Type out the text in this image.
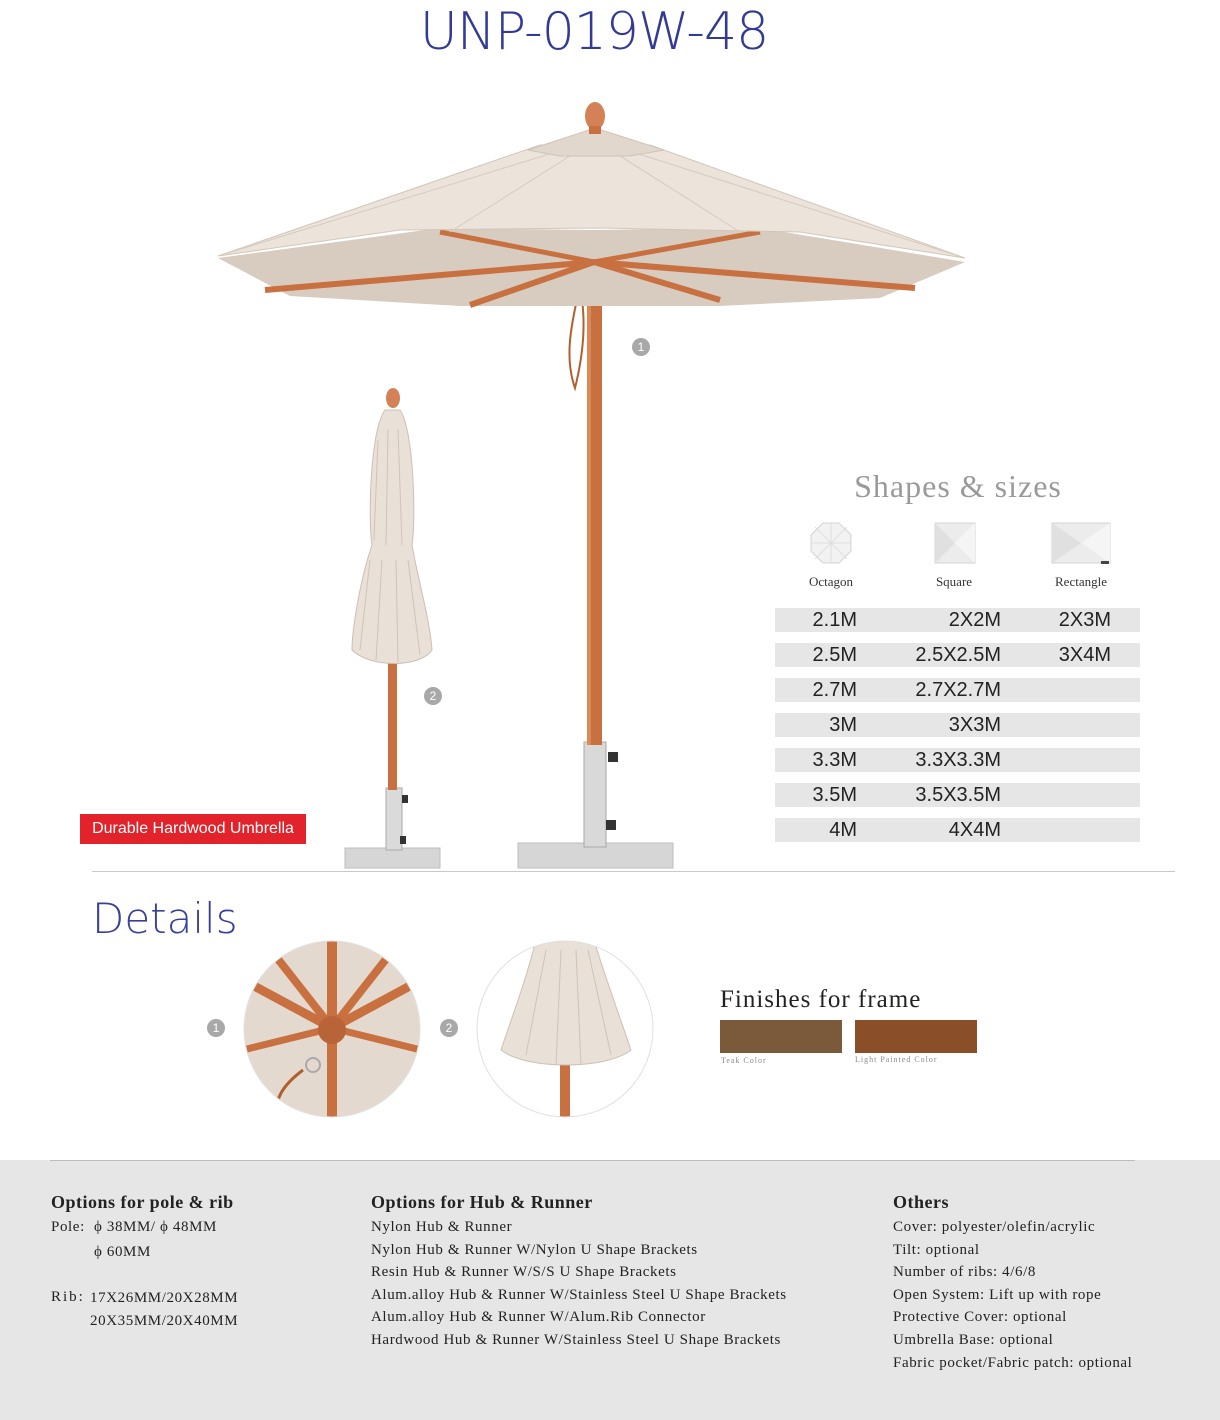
UNP-019W-48
1
2
Shapes & sizes
Octagon	Square	Rectangle
2.1M	2X2M	2X3M
2.5M	2.5X2.5M	3X4M
2.7M	2.7X2.7M
3M	3X3M
3.3M	3.3X3.3M
3.5M	3.5X3.5M
4M	4X4M
Durable Hardwood Umbrella
Details
1	2
Finishes for frame
Teak Color	Light Painted Color
Options for pole & rib
Pole: ϕ 38MM/ ϕ 48MM
ϕ 60MM
Rib: 17X26MM/20X28MM
20X35MM/20X40MM
Options for Hub & Runner
Nylon Hub & Runner
Nylon Hub & Runner W/Nylon U Shape Brackets
Resin Hub & Runner W/S/S U Shape Brackets
Alum.alloy Hub & Runner W/Stainless Steel U Shape Brackets
Alum.alloy Hub & Runner W/Alum.Rib Connector
Hardwood Hub & Runner W/Stainless Steel U Shape Brackets
Others
Cover: polyester/olefin/acrylic
Tilt: optional
Number of ribs: 4/6/8
Open System: Lift up with rope
Protective Cover: optional
Umbrella Base: optional
Fabric pocket/Fabric patch: optional
